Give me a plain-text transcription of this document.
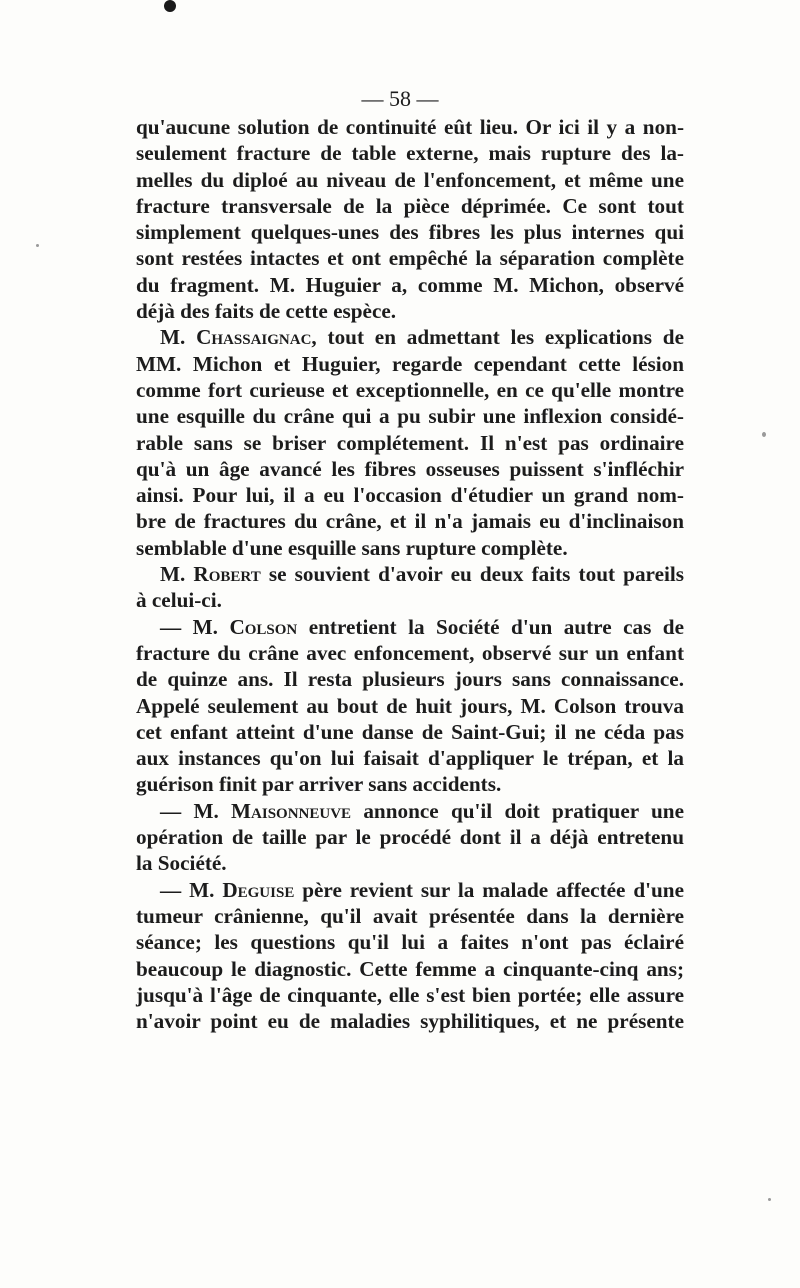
— 58 —
qu'aucune solution de continuité eût lieu. Or ici il y a non-
seulement fracture de table externe, mais rupture des la-
melles du diploé au niveau de l'enfoncement, et même une
fracture transversale de la pièce déprimée. Ce sont tout
simplement quelques-unes des fibres les plus internes qui
sont restées intactes et ont empêché la séparation complète
du fragment. M. Huguier a, comme M. Michon, observé
déjà des faits de cette espèce.
M. Chassaignac, tout en admettant les explications de
MM. Michon et Huguier, regarde cependant cette lésion
comme fort curieuse et exceptionnelle, en ce qu'elle montre
une esquille du crâne qui a pu subir une inflexion considé-
rable sans se briser complétement. Il n'est pas ordinaire
qu'à un âge avancé les fibres osseuses puissent s'infléchir
ainsi. Pour lui, il a eu l'occasion d'étudier un grand nom-
bre de fractures du crâne, et il n'a jamais eu d'inclinaison
semblable d'une esquille sans rupture complète.
M. Robert se souvient d'avoir eu deux faits tout pareils
à celui-ci.
— M. Colson entretient la Société d'un autre cas de
fracture du crâne avec enfoncement, observé sur un enfant
de quinze ans. Il resta plusieurs jours sans connaissance.
Appelé seulement au bout de huit jours, M. Colson trouva
cet enfant atteint d'une danse de Saint-Gui; il ne céda pas
aux instances qu'on lui faisait d'appliquer le trépan, et la
guérison finit par arriver sans accidents.
— M. Maisonneuve annonce qu'il doit pratiquer une
opération de taille par le procédé dont il a déjà entretenu
la Société.
— M. Deguise père revient sur la malade affectée d'une
tumeur crânienne, qu'il avait présentée dans la dernière
séance; les questions qu'il lui a faites n'ont pas éclairé
beaucoup le diagnostic. Cette femme a cinquante-cinq ans;
jusqu'à l'âge de cinquante, elle s'est bien portée; elle assure
n'avoir point eu de maladies syphilitiques, et ne présente
